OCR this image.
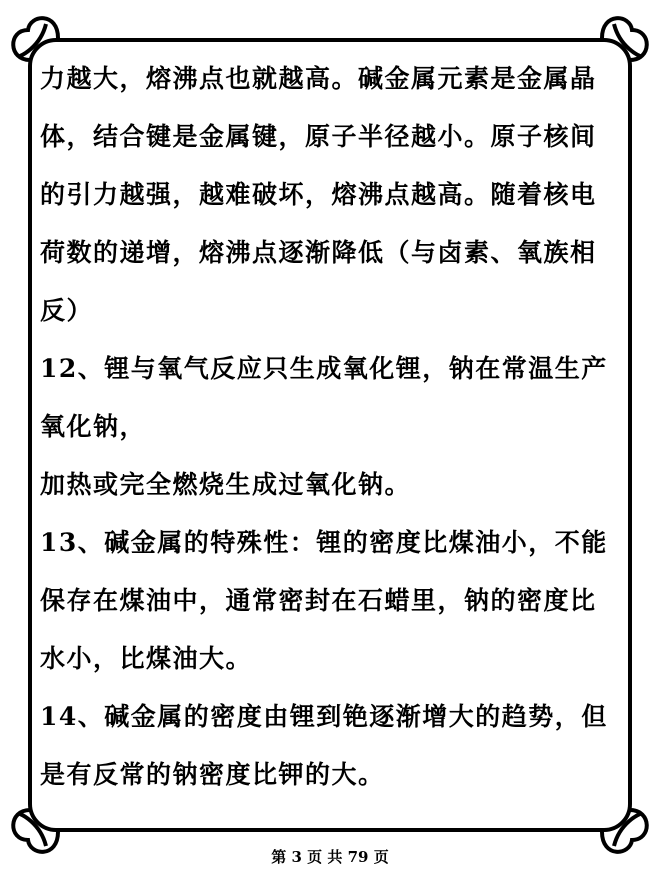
力越大，熔沸点也就越高。碱金属元素是金属晶
体，结合键是金属键，原子半径越小。原子核间
的引力越强，越难破坏，熔沸点越高。随着核电
荷数的递增，熔沸点逐渐降低（与卤素、氧族相
反）
12、锂与氧气反应只生成氧化锂，钠在常温生产
氧化钠，
加热或完全燃烧生成过氧化钠。
13、碱金属的特殊性：锂的密度比煤油小，不能
保存在煤油中，通常密封在石蜡里，钠的密度比
水小，比煤油大。
14、碱金属的密度由锂到铯逐渐增大的趋势，但
是有反常的钠密度比钾的大。
第 3 页 共 79 页
